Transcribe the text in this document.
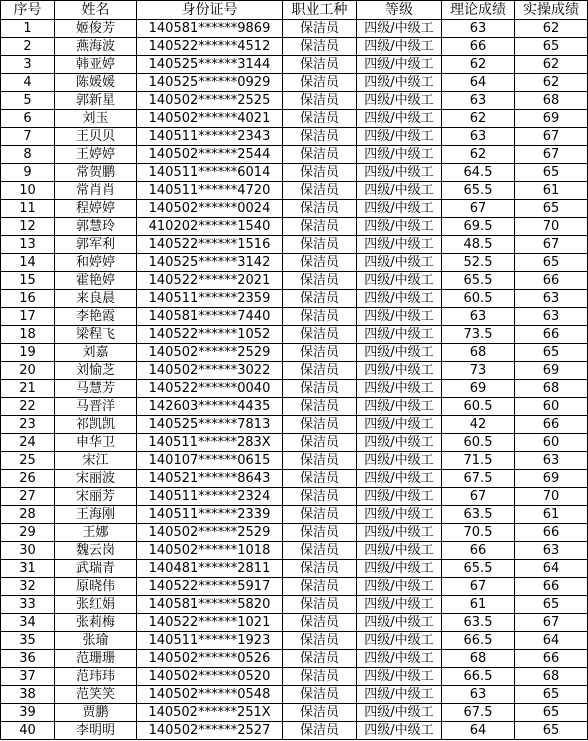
序号	姓名	身份证号	职业工种	等级	理论成绩	实操成绩
1	姬俊芳	140581******9869	保洁员	四级/中级工	63	62
2	燕海波	140522******4512	保洁员	四级/中级工	66	65
3	韩亚婷	140525******3144	保洁员	四级/中级工	62	62
4	陈媛媛	140525******0929	保洁员	四级/中级工	64	62
5	郭新星	140502******2525	保洁员	四级/中级工	63	68
6	刘玉	140502******4021	保洁员	四级/中级工	62	69
7	王贝贝	140511******2343	保洁员	四级/中级工	63	67
8	王婷婷	140502******2544	保洁员	四级/中级工	62	67
9	常贺鹏	140511******6014	保洁员	四级/中级工	64.5	65
10	常肖肖	140511******4720	保洁员	四级/中级工	65.5	61
11	程婷婷	140502******0024	保洁员	四级/中级工	67	65
12	郭慧玲	410202******1540	保洁员	四级/中级工	69.5	70
13	郭军利	140522******1516	保洁员	四级/中级工	48.5	67
14	和婷婷	140525******3142	保洁员	四级/中级工	52.5	65
15	霍艳婷	140522******2021	保洁员	四级/中级工	65.5	66
16	来良晨	140511******2359	保洁员	四级/中级工	60.5	63
17	李艳霞	140581******7440	保洁员	四级/中级工	63	63
18	梁程飞	140522******1052	保洁员	四级/中级工	73.5	66
19	刘嘉	140502******2529	保洁员	四级/中级工	68	65
20	刘愉芝	140502******3022	保洁员	四级/中级工	73	69
21	马慧芳	140522******0040	保洁员	四级/中级工	69	68
22	马晋洋	142603******4435	保洁员	四级/中级工	60.5	60
23	祁凯凯	140525******7813	保洁员	四级/中级工	42	66
24	申华卫	140511******283X	保洁员	四级/中级工	60.5	60
25	宋江	140107******0615	保洁员	四级/中级工	71.5	63
26	宋丽波	140521******8643	保洁员	四级/中级工	67.5	69
27	宋丽芳	140511******2324	保洁员	四级/中级工	67	70
28	王海刚	140511******2339	保洁员	四级/中级工	63.5	61
29	王娜	140502******2529	保洁员	四级/中级工	70.5	66
30	魏云岗	140502******1018	保洁员	四级/中级工	66	63
31	武瑞青	140481******2811	保洁员	四级/中级工	65.5	64
32	原晓伟	140522******5917	保洁员	四级/中级工	67	66
33	张红娟	140581******5820	保洁员	四级/中级工	61	65
34	张莉梅	140522******1021	保洁员	四级/中级工	63.5	67
35	张瑜	140511******1923	保洁员	四级/中级工	66.5	64
36	范珊珊	140502******0526	保洁员	四级/中级工	68	66
37	范玮玮	140502******0520	保洁员	四级/中级工	66.5	68
38	范笑笑	140502******0548	保洁员	四级/中级工	63	65
39	贾鹏	140502******251X	保洁员	四级/中级工	67.5	65
40	李明明	140502******2527	保洁员	四级/中级工	64	65
